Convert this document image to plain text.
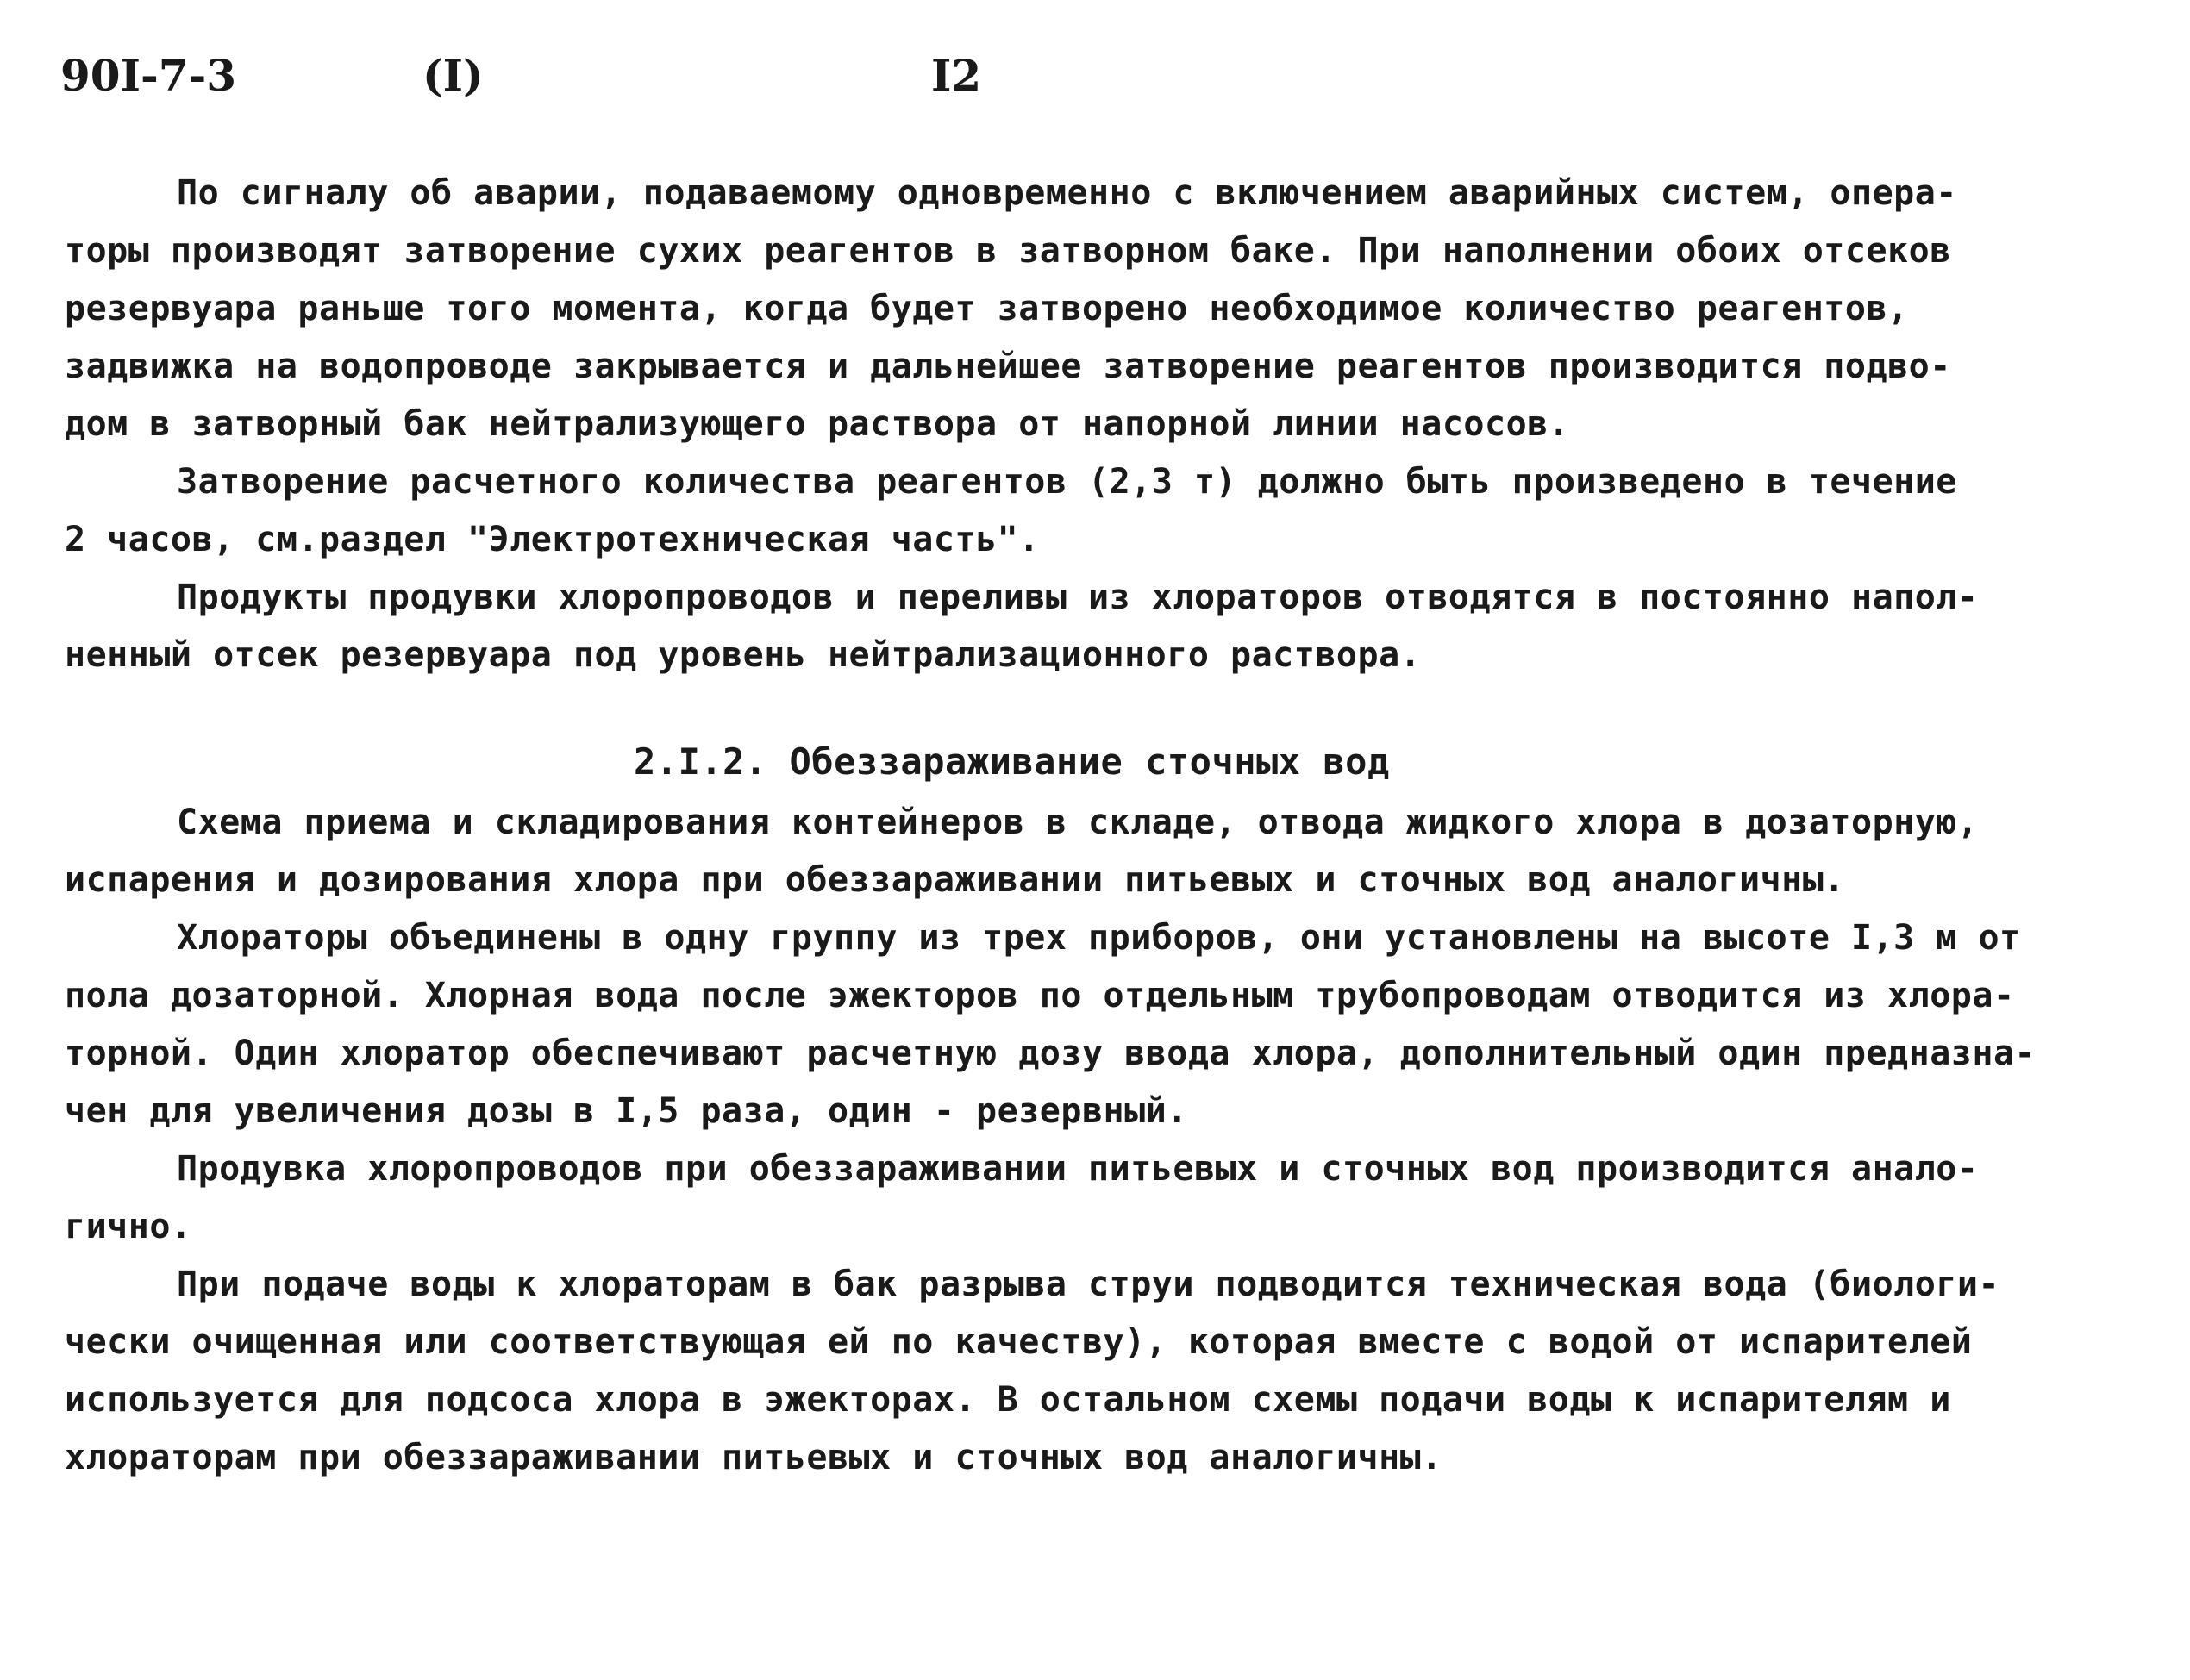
90I-7-3	(I)	I2
По сигналу об аварии, подаваемому одновременно с включением аварийных систем, опера-
торы производят затворение сухих реагентов в затворном баке. При наполнении обоих отсеков
резервуара раньше того момента, когда будет затворено необходимое количество реагентов,
задвижка на водопроводе закрывается и дальнейшее затворение реагентов производится подво-
дом в затворный бак нейтрализующего раствора от напорной линии насосов.
Затворение расчетного количества реагентов (2,3 т) должно быть произведено в течение
2 часов, см.раздел "Электротехническая часть".
Продукты продувки хлоропроводов и переливы из хлораторов отводятся в постоянно напол-
ненный отсек резервуара под уровень нейтрализационного раствора.
2.I.2. Обеззараживание сточных вод
Схема приема и складирования контейнеров в складе, отвода жидкого хлора в дозаторную,
испарения и дозирования хлора при обеззараживании питьевых и сточных вод аналогичны.
Хлораторы объединены в одну группу из трех приборов, они установлены на высоте I,3 м от
пола дозаторной. Хлорная вода после эжекторов по отдельным трубопроводам отводится из хлора-
торной. Один хлоратор обеспечивают расчетную дозу ввода хлора, дополнительный один предназна-
чен для увеличения дозы в I,5 раза, один - резервный.
Продувка хлоропроводов при обеззараживании питьевых и сточных вод производится анало-
гично.
При подаче воды к хлораторам в бак разрыва струи подводится техническая вода (биологи-
чески очищенная или соответствующая ей по качеству), которая вместе с водой от испарителей
используется для подсоса хлора в эжекторах. В остальном схемы подачи воды к испарителям и
хлораторам при обеззараживании питьевых и сточных вод аналогичны.
